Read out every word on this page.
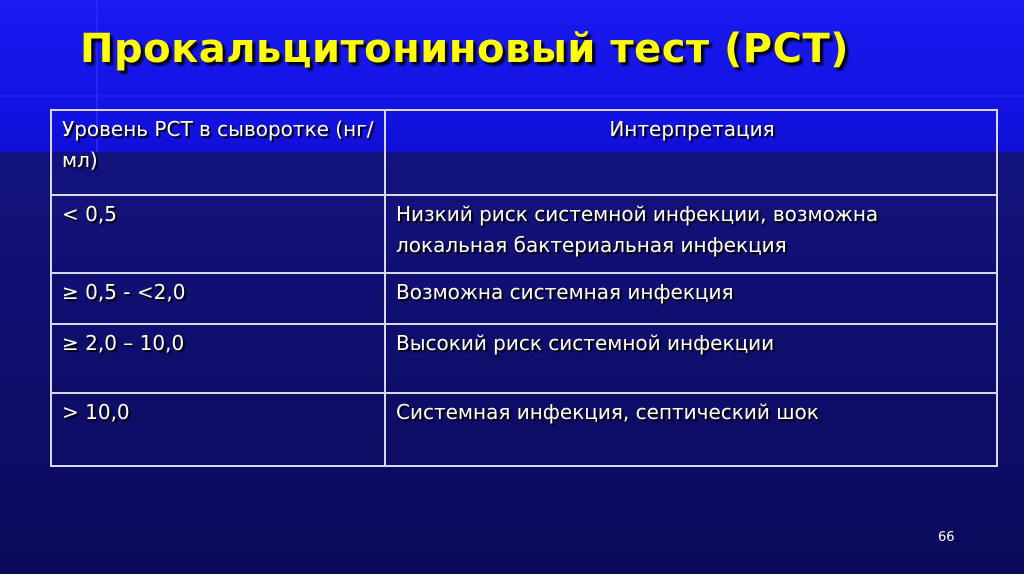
Прокальцитониновый тест (PCT)
Уровень PCT в сыворотке (нг/мл)	Интерпретация
< 0,5	Низкий риск системной инфекции, возможна локальная бактериальная инфекция
≥ 0,5 - <2,0	Возможна системная инфекция
≥ 2,0 – 10,0	Высокий риск системной инфекции
> 10,0	Системная инфекция, септический шок
66
